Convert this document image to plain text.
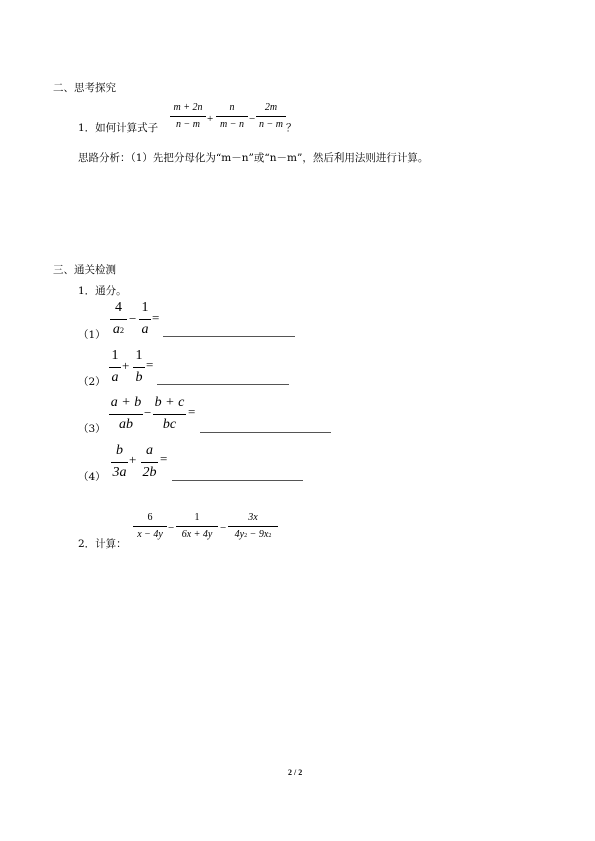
二、思考探究
1．如何计算式子
m + 2n
n − m +
n
m − n −
2m
n − m ？
思路分析：（1）先把分母化为“m－n”或“n－m”，然后利用法则进行计算。
三、通关检测
1．通分。
（1）
4
$a^2$
−
1
a
=
（2）
1
a
+
1
b
=
（3）
a + b
ab
−
b + c
bc
=
（4）
b
3a
+
a
2b
=
2．计算：
6
x − 4y
−
1
6x + 4y
−
3x
$4y^2 - 9x^2$
2 / 2
